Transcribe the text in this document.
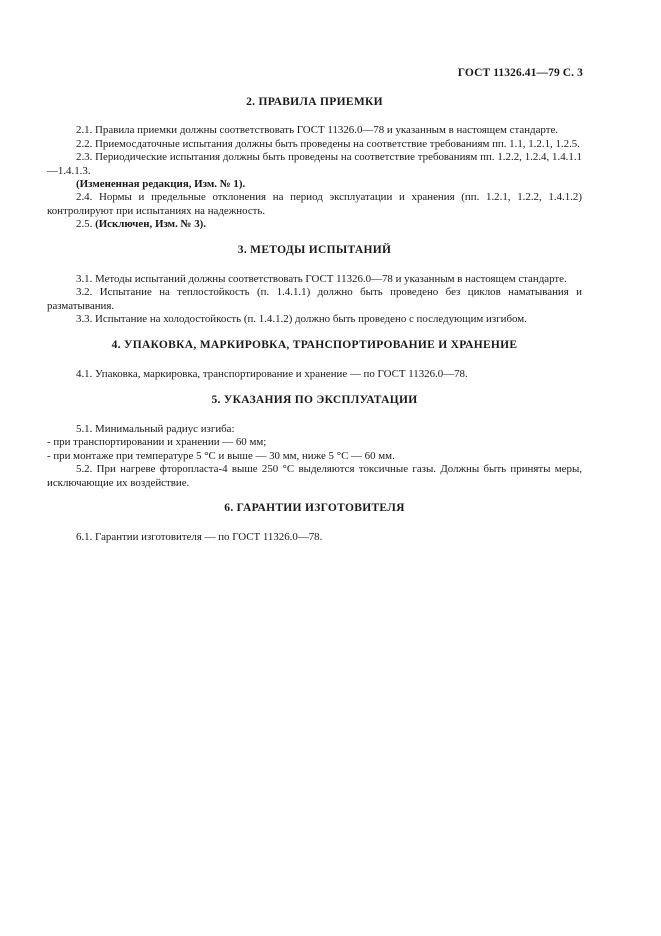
ГОСТ 11326.41—79 С. 3
2. ПРАВИЛА ПРИЕМКИ

2.1. Правила приемки должны соответствовать ГОСТ 11326.0—78 и указанным в настоящем стандарте.

2.2. Приемосдаточные испытания должны быть проведены на соответствие требованиям пп. 1.1, 1.2.1, 1.2.5.

2.3. Периодические испытания должны быть проведены на соответствие требованиям пп. 1.2.2, 1.2.4, 1.4.1.1—1.4.1.3.

(Измененная редакция, Изм. № 1).

2.4. Нормы и предельные отклонения на период эксплуатации и хранения (пп. 1.2.1, 1.2.2, 1.4.1.2) контролируют при испытаниях на надежность.

2.5. (Исключен, Изм. № 3).

3. МЕТОДЫ ИСПЫТАНИЙ

3.1. Методы испытаний должны соответствовать ГОСТ 11326.0—78 и указанным в настоящем стандарте.

3.2. Испытание на теплостойкость (п. 1.4.1.1) должно быть проведено без циклов наматывания и разматывания.

3.3. Испытание на холодостойкость (п. 1.4.1.2) должно быть проведено с последующим изгибом.

4. УПАКОВКА, МАРКИРОВКА, ТРАНСПОРТИРОВАНИЕ И ХРАНЕНИЕ

4.1. Упаковка, маркировка, транспортирование и хранение — по ГОСТ 11326.0—78.

5. УКАЗАНИЯ ПО ЭКСПЛУАТАЦИИ

5.1. Минимальный радиус изгиба:

- при транспортировании и хранении — 60 мм;

- при монтаже при температуре 5 °С и выше — 30 мм, ниже 5 °С — 60 мм.

5.2. При нагреве фторопласта-4 выше 250 °С выделяются токсичные газы. Должны быть приняты меры, исключающие их воздействие.

6. ГАРАНТИИ ИЗГОТОВИТЕЛЯ

6.1. Гарантии изготовителя — по ГОСТ 11326.0—78.
